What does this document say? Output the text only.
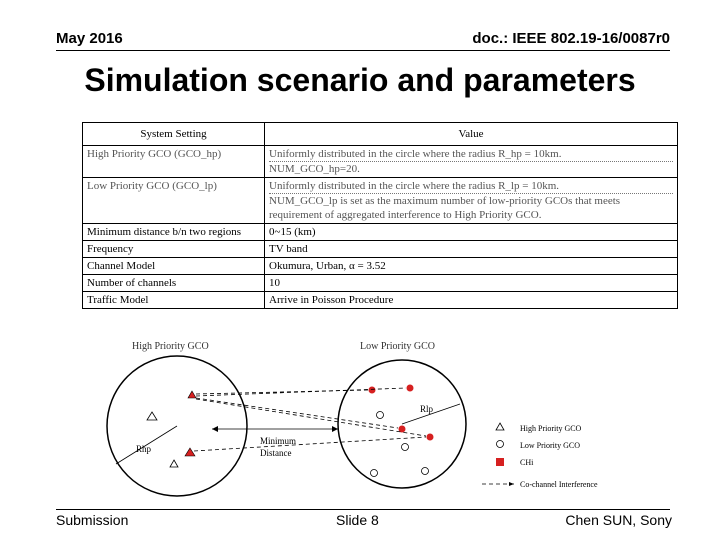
May 2016	doc.: IEEE 802.19-16/0087r0
Simulation scenario and parameters
System Setting	Value
High Priority GCO (GCO_hp)	Uniformly distributed in the circle where the radius R_hp = 10km.
NUM_GCO_hp=20.

Low Priority GCO (GCO_lp)	Uniformly distributed in the circle where the radius R_lp = 10km.
NUM_GCO_lp is set as the maximum number of low-priority GCOs that meets
requirement of aggregated interference to High Priority GCO.

Minimum distance b/n two regions	0~15 (km)
Frequency	TV band
Channel Model	Okumura, Urban, α = 3.52
Number of channels	10
Traffic Model	Arrive in Poisson Procedure
High Priority GCO	Low Priority GCO
Rhp
Rlp
Minimum
Distance
High Priority GCO
Low Priority GCO
CHi
Co-channel Interference
Submission	Slide 8	Chen SUN, Sony
